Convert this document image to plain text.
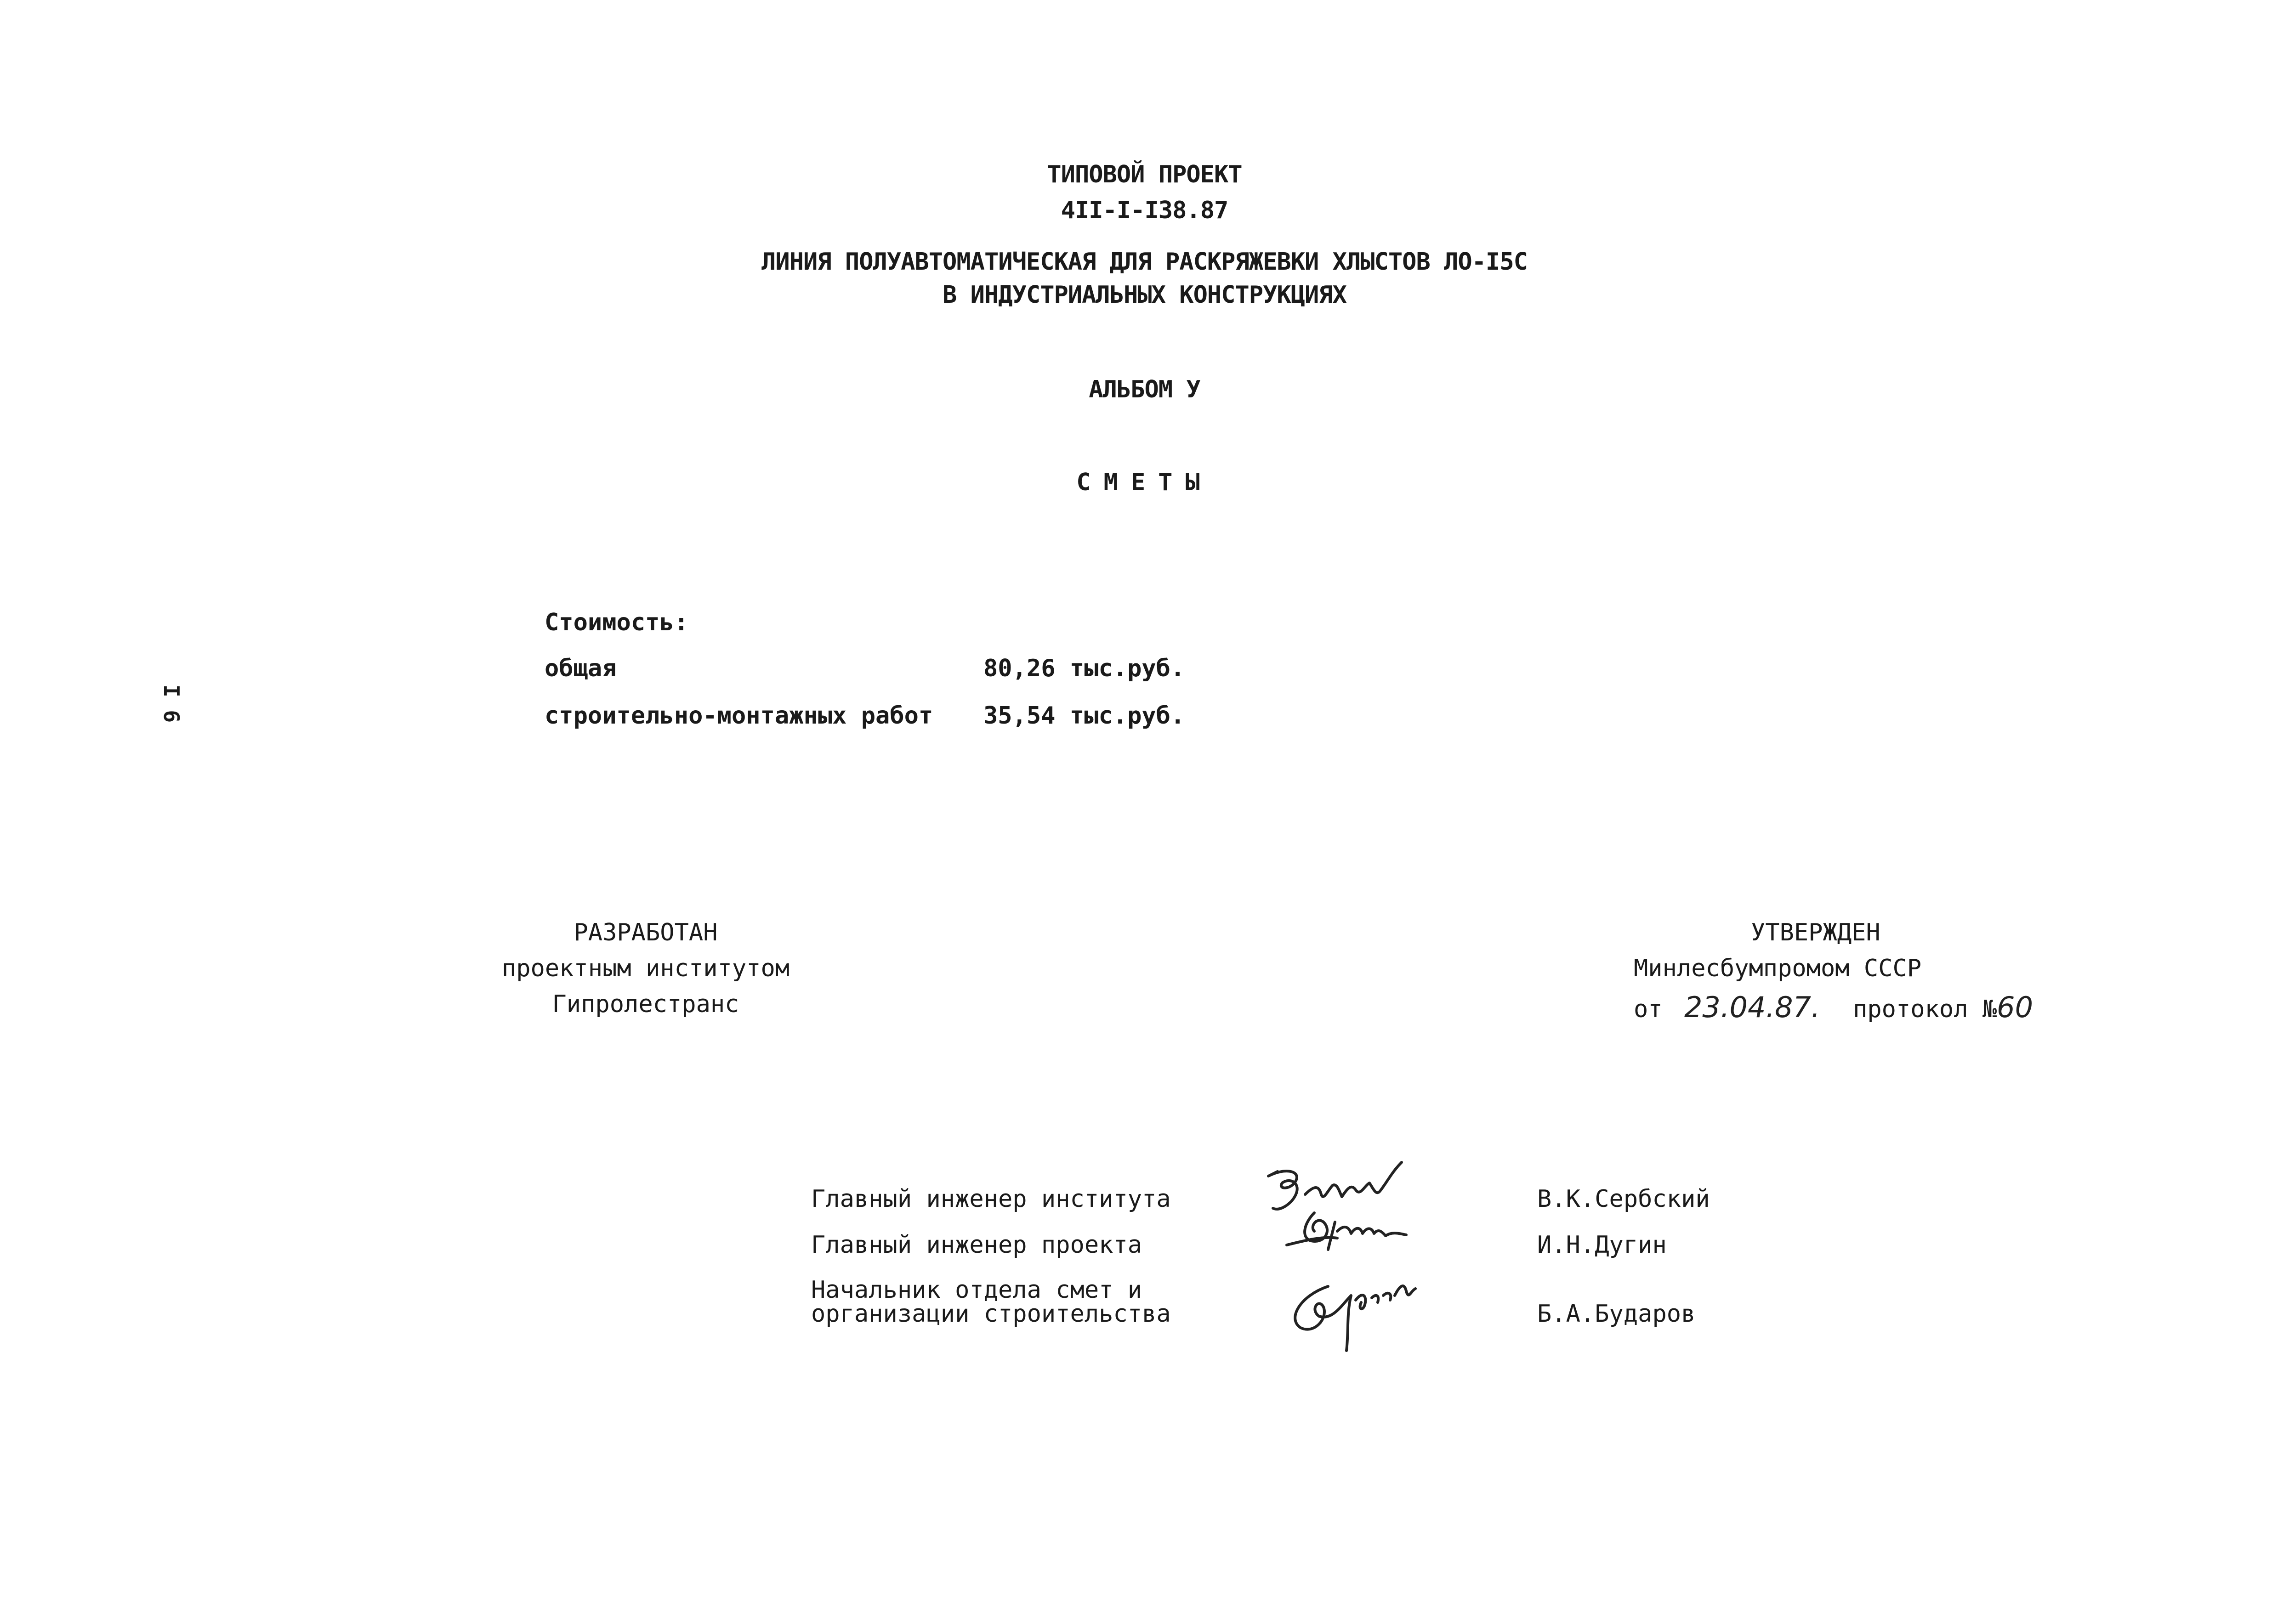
ТИПОВОЙ ПРОЕКТ
4II-I-I38.87
ЛИНИЯ ПОЛУАВТОМАТИЧЕСКАЯ ДЛЯ РАСКРЯЖЕВКИ ХЛЫСТОВ ЛО-I5С
В ИНДУСТРИАЛЬНЫХ КОНСТРУКЦИЯХ
АЛЬБОМ У
СМЕТЫ
I 6
Стоимость:
общая	80,26 тыс.руб.
строительно-монтажных работ 35,54 тыс.руб.
РАЗРАБОТАН
проектным институтом
Гипролестранс
УТВЕРЖДЕН
Минлесбумпромом СССР
от 23.04.87. протокол №60
Главный инженер института	В.К.Сербский
Главный инженер проекта	И.Н.Дугин
Начальник отдела смет и
организации строительства	Б.А.Бударов
